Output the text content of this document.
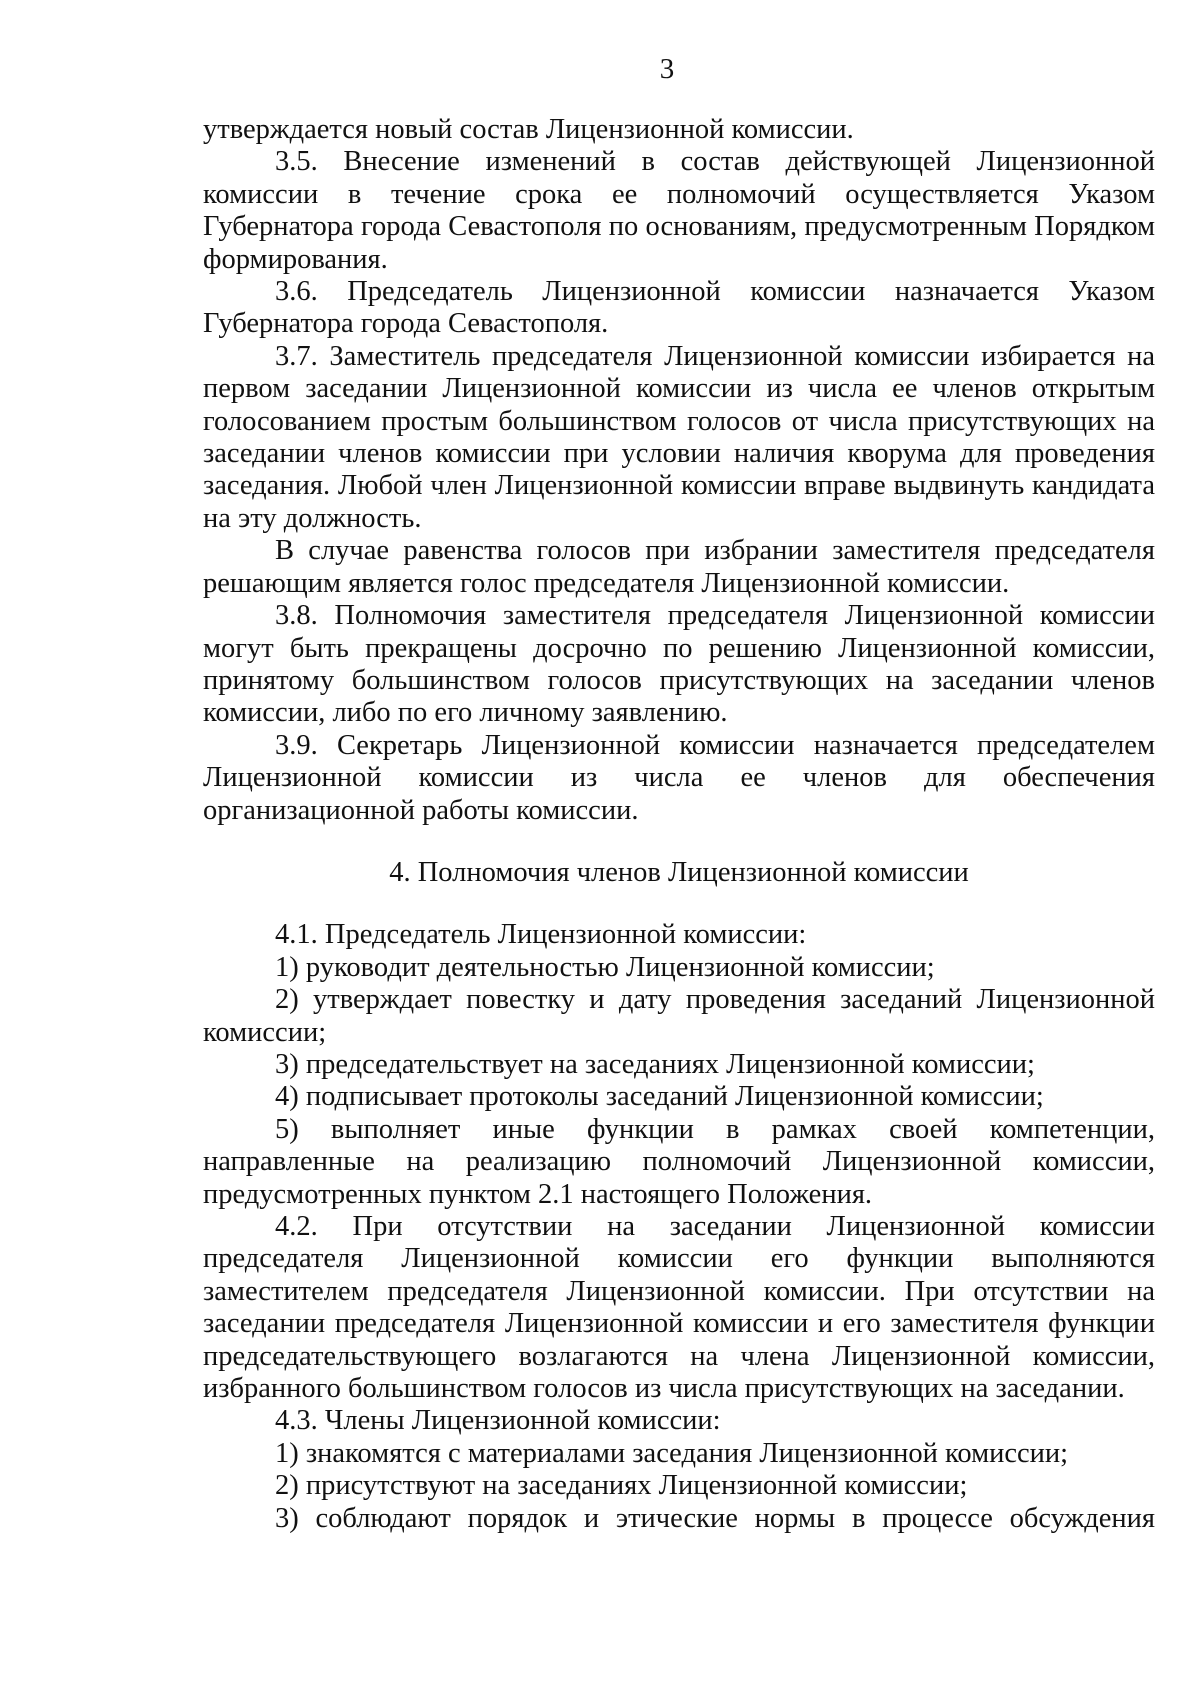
3

утверждается новый состав Лицензионной комиссии.

3.5. Внесение изменений в состав действующей Лицензионной комиссии в течение срока ее полномочий осуществляется Указом Губернатора города Севастополя по основаниям, предусмотренным Порядком формирования.

3.6. Председатель Лицензионной комиссии назначается Указом Губернатора города Севастополя.

3.7. Заместитель председателя Лицензионной комиссии избирается на первом заседании Лицензионной комиссии из числа ее членов открытым голосованием простым большинством голосов от числа присутствующих на заседании членов комиссии при условии наличия кворума для проведения заседания. Любой член Лицензионной комиссии вправе выдвинуть кандидата на эту должность.

В случае равенства голосов при избрании заместителя председателя решающим является голос председателя Лицензионной комиссии.

3.8. Полномочия заместителя председателя Лицензионной комиссии могут быть прекращены досрочно по решению Лицензионной комиссии, принятому большинством голосов присутствующих на заседании членов комиссии, либо по его личному заявлению.

3.9. Секретарь Лицензионной комиссии назначается председателем Лицензионной комиссии из числа ее членов для обеспечения организационной работы комиссии.

4. Полномочия членов Лицензионной комиссии

4.1. Председатель Лицензионной комиссии:

1) руководит деятельностью Лицензионной комиссии;

2) утверждает повестку и дату проведения заседаний Лицензионной комиссии;

3) председательствует на заседаниях Лицензионной комиссии;

4) подписывает протоколы заседаний Лицензионной комиссии;

5) выполняет иные функции в рамках своей компетенции, направленные на реализацию полномочий Лицензионной комиссии, предусмотренных пунктом 2.1 настоящего Положения.

4.2. При отсутствии на заседании Лицензионной комиссии председателя Лицензионной комиссии его функции выполняются заместителем председателя Лицензионной комиссии. При отсутствии на заседании председателя Лицензионной комиссии и его заместителя функции председательствующего возлагаются на члена Лицензионной комиссии, избранного большинством голосов из числа присутствующих на заседании.

4.3. Члены Лицензионной комиссии:

1) знакомятся с материалами заседания Лицензионной комиссии;

2) присутствуют на заседаниях Лицензионной комиссии;

3) соблюдают порядок и этические нормы в процессе обсуждения
